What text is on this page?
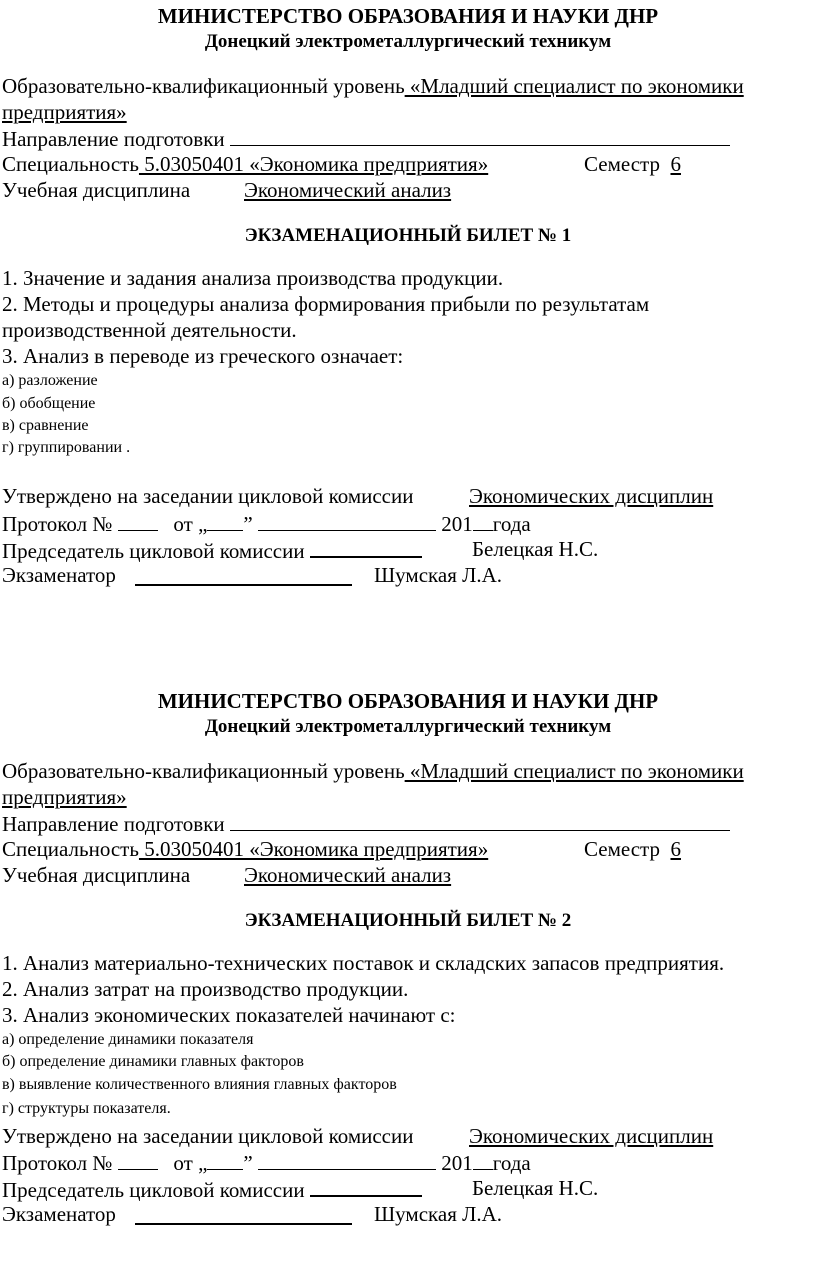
МИНИСТЕРСТВО ОБРАЗОВАНИЯ И НАУКИ ДНР
Донецкий электрометаллургический техникум
Образовательно-квалификационный уровень «Младший специалист по экономики
предприятия»
Направление подготовки
Специальность 5.03050401 «Экономика предприятия»	Семестр 6
Учебная дисциплина	Экономический анализ
ЭКЗАМЕНАЦИОННЫЙ БИЛЕТ № 1
1. Значение и задания анализа производства продукции.
2. Методы и процедуры анализа формирования прибыли по результатам
производственной деятельности.
3. Анализ в переводе из греческого означает:
а) разложение
б) обобщение
в) сравнение
г) группировании .
Утверждено на заседании цикловой комиссии	Экономических дисциплин
Протокол №	от „ ”	201 года
Председатель цикловой комиссии	Белецкая Н.С.
Экзаменатор	Шумская Л.А.
МИНИСТЕРСТВО ОБРАЗОВАНИЯ И НАУКИ ДНР
Донецкий электрометаллургический техникум
Образовательно-квалификационный уровень «Младший специалист по экономики
предприятия»
Направление подготовки
Специальность 5.03050401 «Экономика предприятия»	Семестр 6
Учебная дисциплина	Экономический анализ
ЭКЗАМЕНАЦИОННЫЙ БИЛЕТ № 2
1. Анализ материально-технических поставок и складских запасов предприятия.
2. Анализ затрат на производство продукции.
3. Анализ экономических показателей начинают с:
а) определение динамики показателя
б) определение динамики главных факторов
в) выявление количественного влияния главных факторов
г) структуры показателя.
Утверждено на заседании цикловой комиссии	Экономических дисциплин
Протокол №	от „ ”	201 года
Председатель цикловой комиссии	Белецкая Н.С.
Экзаменатор	Шумская Л.А.
